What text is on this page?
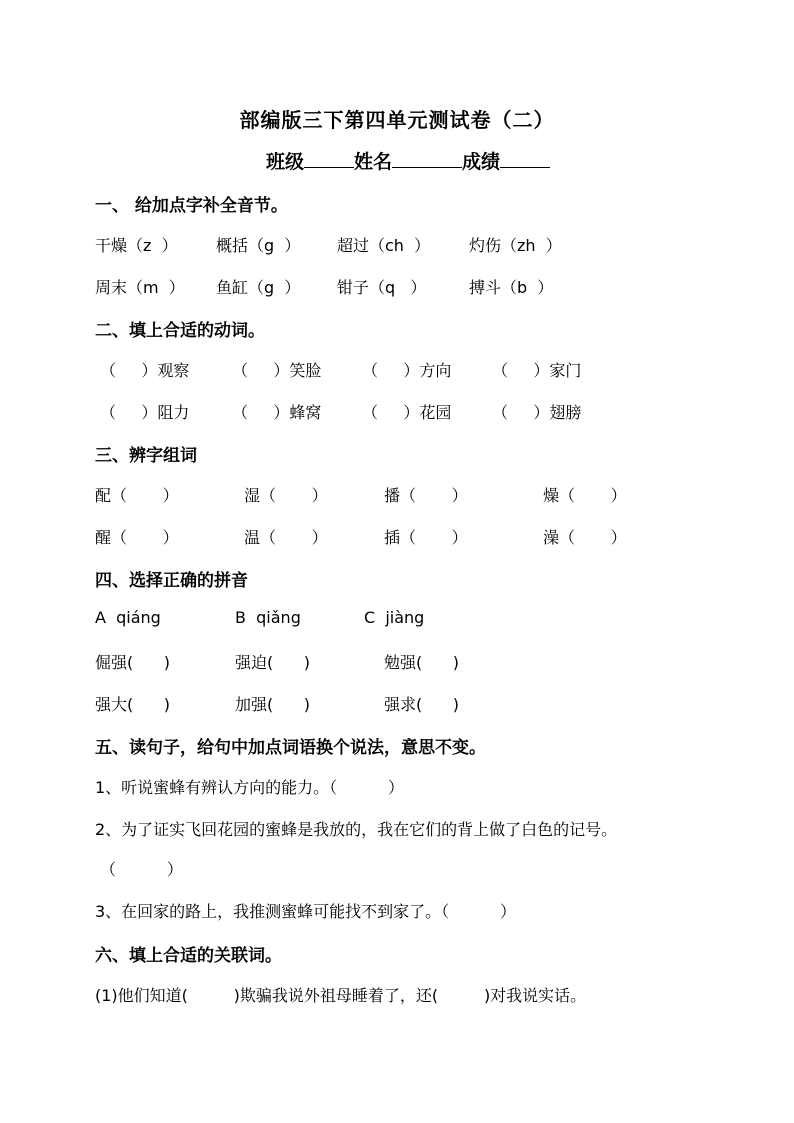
部编版三下第四单元测试卷（二）
班级	姓名	成绩
一、 给加点字补全音节。
干燥（z  ） 概括（g  ） 超过（ch  ） 灼伤（zh  ）
周末（m  ） 鱼缸（g  ） 钳子（q   ）	搏斗（b  ）
二、填上合适的动词。
（     ）观察	（     ）笑脸	（     ）方向	（     ）家门
（     ）阻力	（     ）蜂窝	（     ）花园	（     ）翅膀
三、辨字组词
配（       ）	湿（       ）	播（       ）	燥（       ）
醒（       ）	温（       ）	插（       ）	澡（       ）
四、选择正确的拼音
A  qiáng	B  qiǎng	C  jiàng
倔强(      )	强迫(      )	勉强(      )
强大(      )	加强(      )	强求(      )
五、读句子，给句中加点词语换个说法，意思不变。
1、听说蜜蜂有辨认方向的能力。（          ）
2、为了证实飞回花园的蜜蜂是我放的，我在它们的背上做了白色的记号。
（          ）
3、在回家的路上，我推测蜜蜂可能找不到家了。（          ）
六、填上合适的关联词。
(1)他们知道(         )欺骗我说外祖母睡着了，还(         )对我说实话。
